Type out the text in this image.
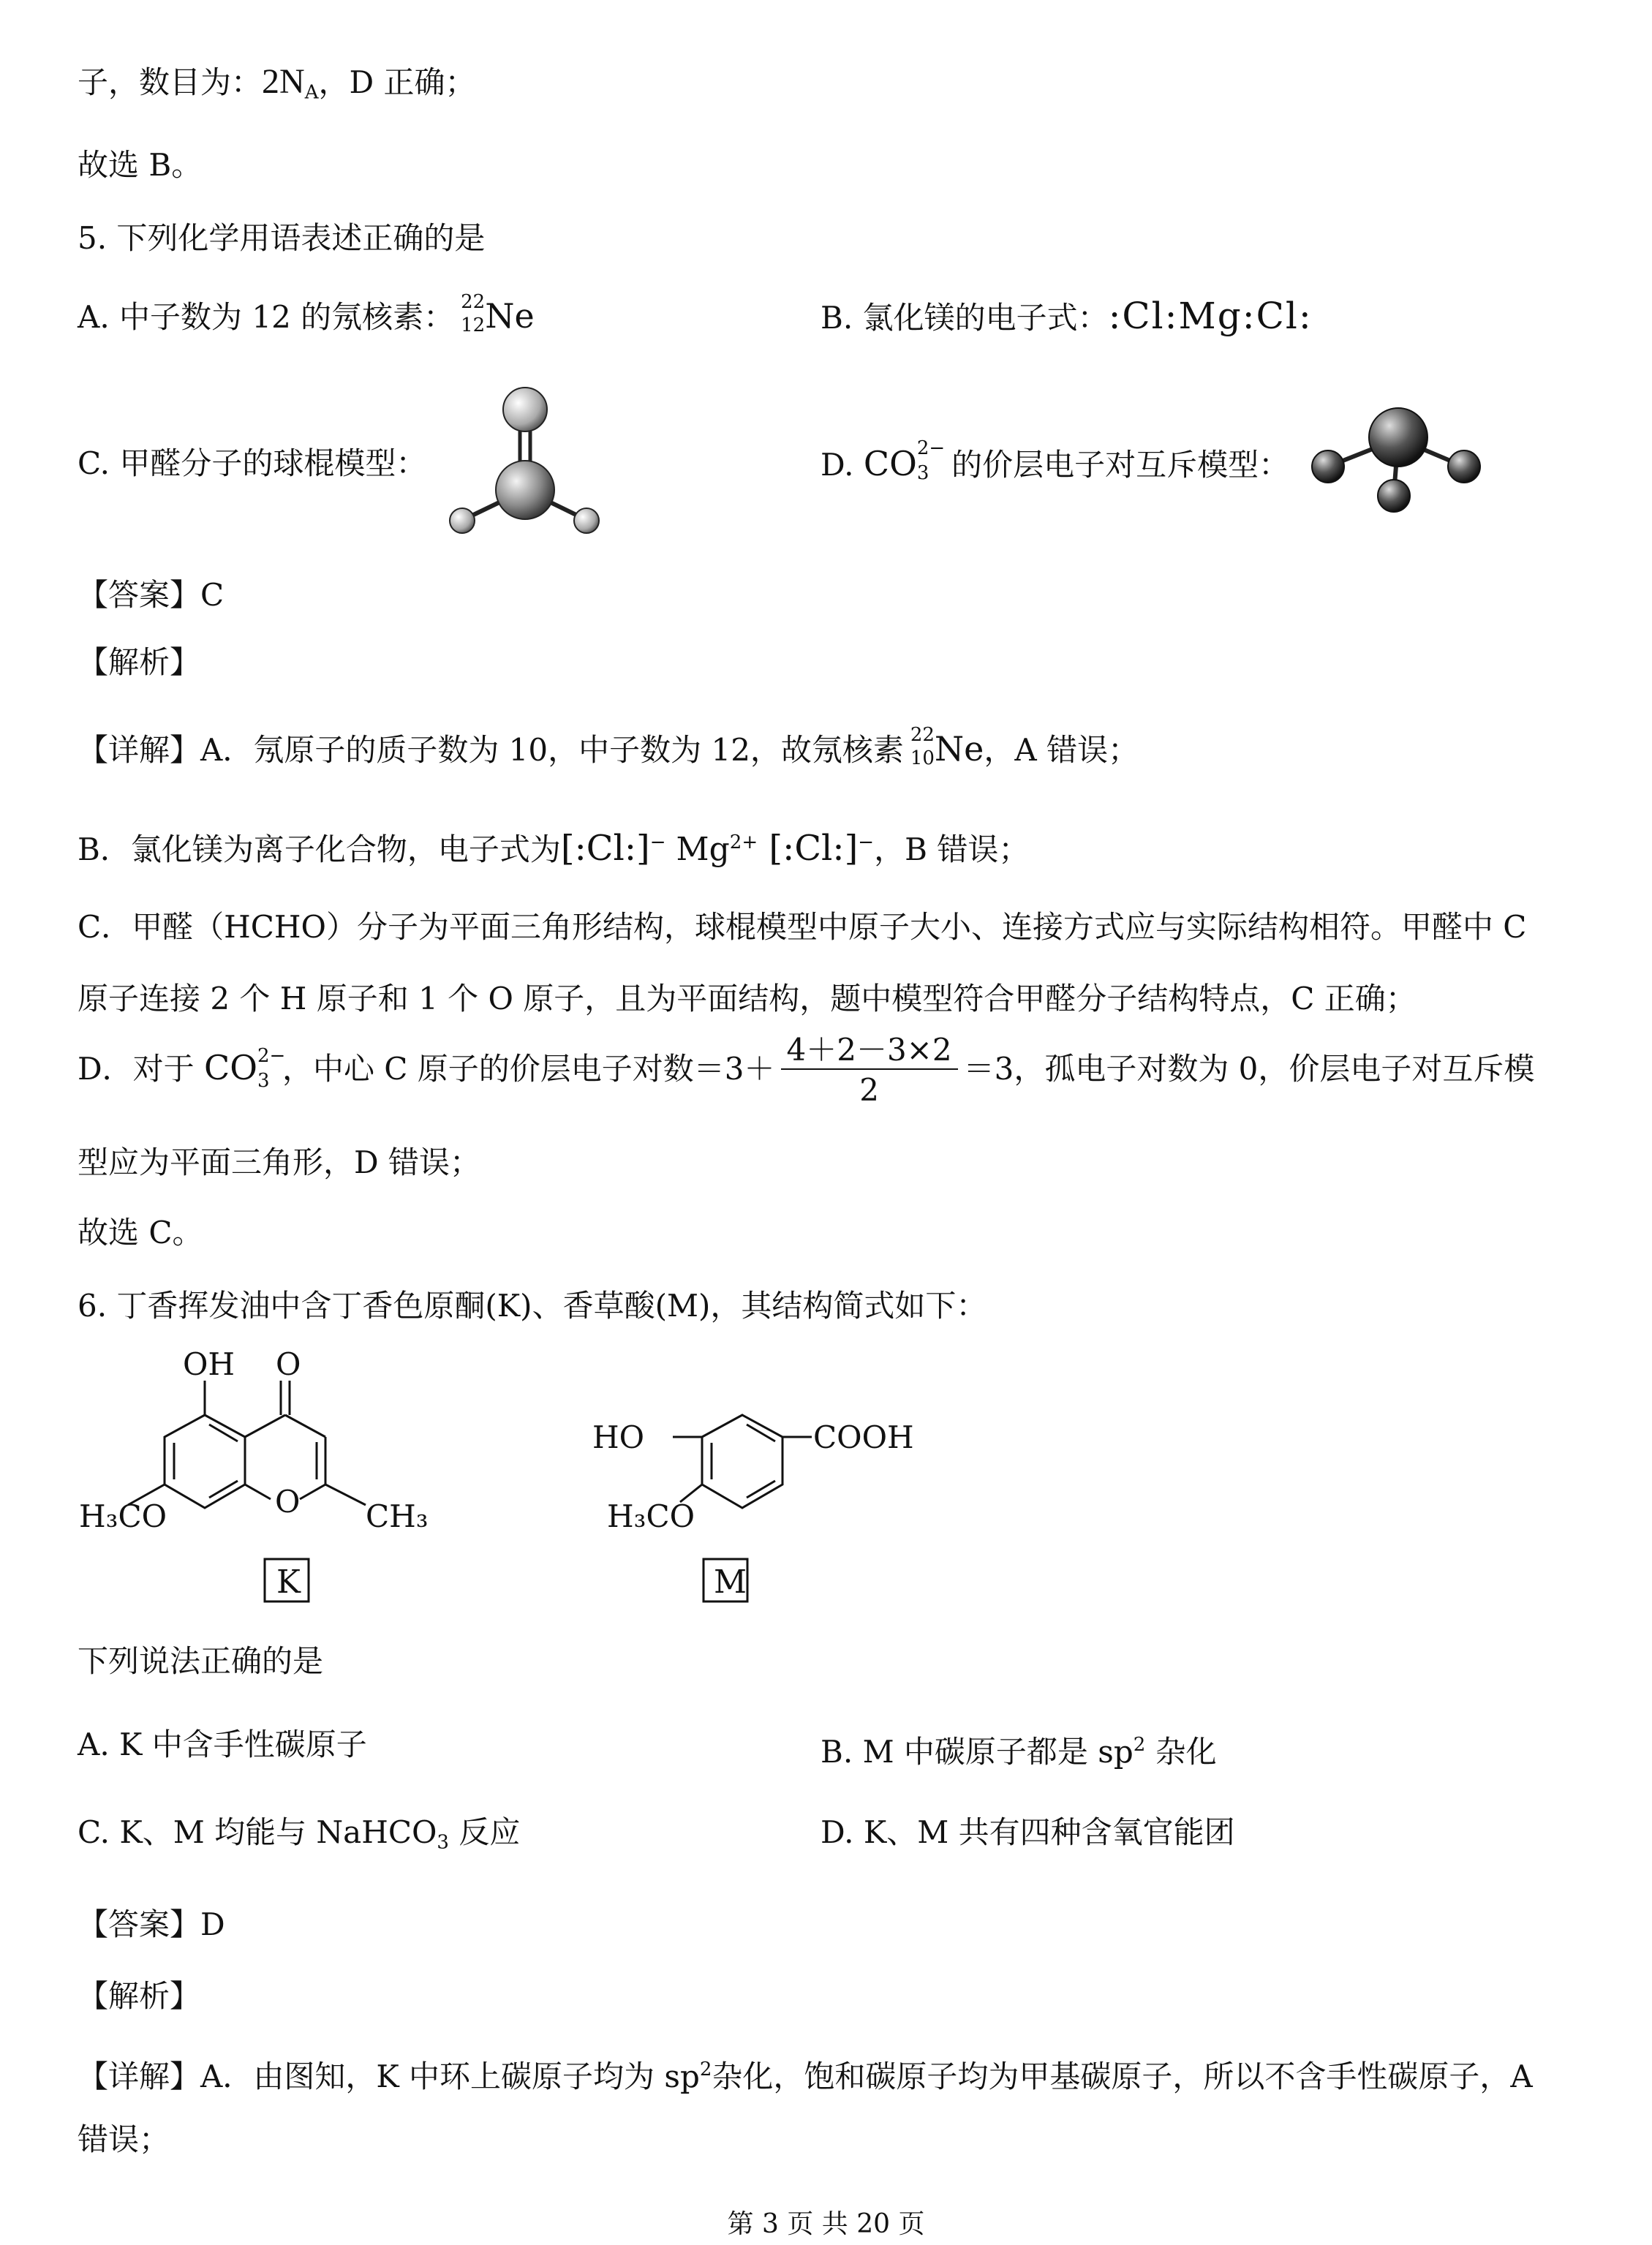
子，数目为：$2N_A$，D 正确；
故选 B。
5. 下列化学用语表述正确的是
A. 中子数为 12 的氖核素： 22
12 Ne	B. 氯化镁的电子式：:Cl:Mg:Cl:
C. 甲醛分子的球棍模型：	D. CO 2−
3 的价层电子对互斥模型：
【答案】C
【解析】
【详解】A．氖原子的质子数为 10，中子数为 12，故氖核素 22
10 Ne，A 错误；
B．氯化镁为离子化合物，电子式为[:Cl:]− $Mg^{2+}$ [:Cl:]−，B 错误；
C．甲醛（HCHO）分子为平面三角形结构，球棍模型中原子大小、连接方式应与实际结构相符。甲醛中 C
原子连接 2 个 H 原子和 1 个 O 原子，且为平面结构，题中模型符合甲醛分子结构特点，C 正确；
D．对于 CO 2−
3 ，中心 C 原子的价层电子对数$=3+ \frac{4+2-3\times 2}{2} =3$，孤电子对数为 0，价层电子对互斥模
型应为平面三角形，D 错误；
故选 C。
6. 丁香挥发油中含丁香色原酮(K)、香草酸(M)，其结构简式如下：
OH O
O
H₃CO	CH₃
K
HO	COOH
H₃CO
M
下列说法正确的是
A. K 中含手性碳原子	B. M 中碳原子都是 $sp^2$ 杂化
C. K、M 均能与 NaHCO$_3$ 反应	D. K、M 共有四种含氧官能团
【答案】D
【解析】
【详解】A．由图知，K 中环上碳原子均为 $sp^2$杂化，饱和碳原子均为甲基碳原子，所以不含手性碳原子，A
错误；
第 3 页 共 20 页
